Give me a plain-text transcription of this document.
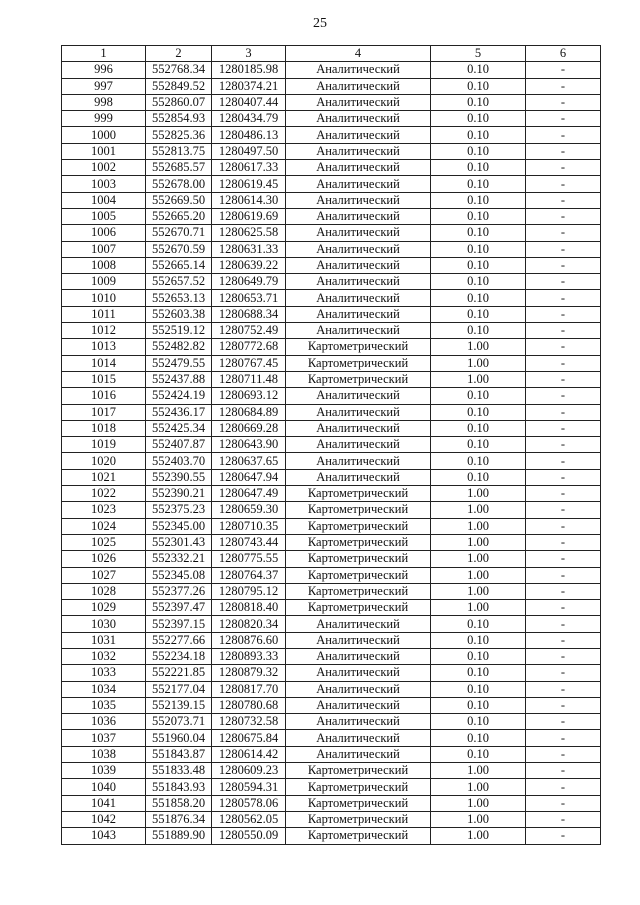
25
1	2	3	4	5	6
996	552768.34	1280185.98	Аналитический	0.10	-
997	552849.52	1280374.21	Аналитический	0.10	-
998	552860.07	1280407.44	Аналитический	0.10	-
999	552854.93	1280434.79	Аналитический	0.10	-
1000	552825.36	1280486.13	Аналитический	0.10	-
1001	552813.75	1280497.50	Аналитический	0.10	-
1002	552685.57	1280617.33	Аналитический	0.10	-
1003	552678.00	1280619.45	Аналитический	0.10	-
1004	552669.50	1280614.30	Аналитический	0.10	-
1005	552665.20	1280619.69	Аналитический	0.10	-
1006	552670.71	1280625.58	Аналитический	0.10	-
1007	552670.59	1280631.33	Аналитический	0.10	-
1008	552665.14	1280639.22	Аналитический	0.10	-
1009	552657.52	1280649.79	Аналитический	0.10	-
1010	552653.13	1280653.71	Аналитический	0.10	-
1011	552603.38	1280688.34	Аналитический	0.10	-
1012	552519.12	1280752.49	Аналитический	0.10	-
1013	552482.82	1280772.68	Картометрический	1.00	-
1014	552479.55	1280767.45	Картометрический	1.00	-
1015	552437.88	1280711.48	Картометрический	1.00	-
1016	552424.19	1280693.12	Аналитический	0.10	-
1017	552436.17	1280684.89	Аналитический	0.10	-
1018	552425.34	1280669.28	Аналитический	0.10	-
1019	552407.87	1280643.90	Аналитический	0.10	-
1020	552403.70	1280637.65	Аналитический	0.10	-
1021	552390.55	1280647.94	Аналитический	0.10	-
1022	552390.21	1280647.49	Картометрический	1.00	-
1023	552375.23	1280659.30	Картометрический	1.00	-
1024	552345.00	1280710.35	Картометрический	1.00	-
1025	552301.43	1280743.44	Картометрический	1.00	-
1026	552332.21	1280775.55	Картометрический	1.00	-
1027	552345.08	1280764.37	Картометрический	1.00	-
1028	552377.26	1280795.12	Картометрический	1.00	-
1029	552397.47	1280818.40	Картометрический	1.00	-
1030	552397.15	1280820.34	Аналитический	0.10	-
1031	552277.66	1280876.60	Аналитический	0.10	-
1032	552234.18	1280893.33	Аналитический	0.10	-
1033	552221.85	1280879.32	Аналитический	0.10	-
1034	552177.04	1280817.70	Аналитический	0.10	-
1035	552139.15	1280780.68	Аналитический	0.10	-
1036	552073.71	1280732.58	Аналитический	0.10	-
1037	551960.04	1280675.84	Аналитический	0.10	-
1038	551843.87	1280614.42	Аналитический	0.10	-
1039	551833.48	1280609.23	Картометрический	1.00	-
1040	551843.93	1280594.31	Картометрический	1.00	-
1041	551858.20	1280578.06	Картометрический	1.00	-
1042	551876.34	1280562.05	Картометрический	1.00	-
1043	551889.90	1280550.09	Картометрический	1.00	-
